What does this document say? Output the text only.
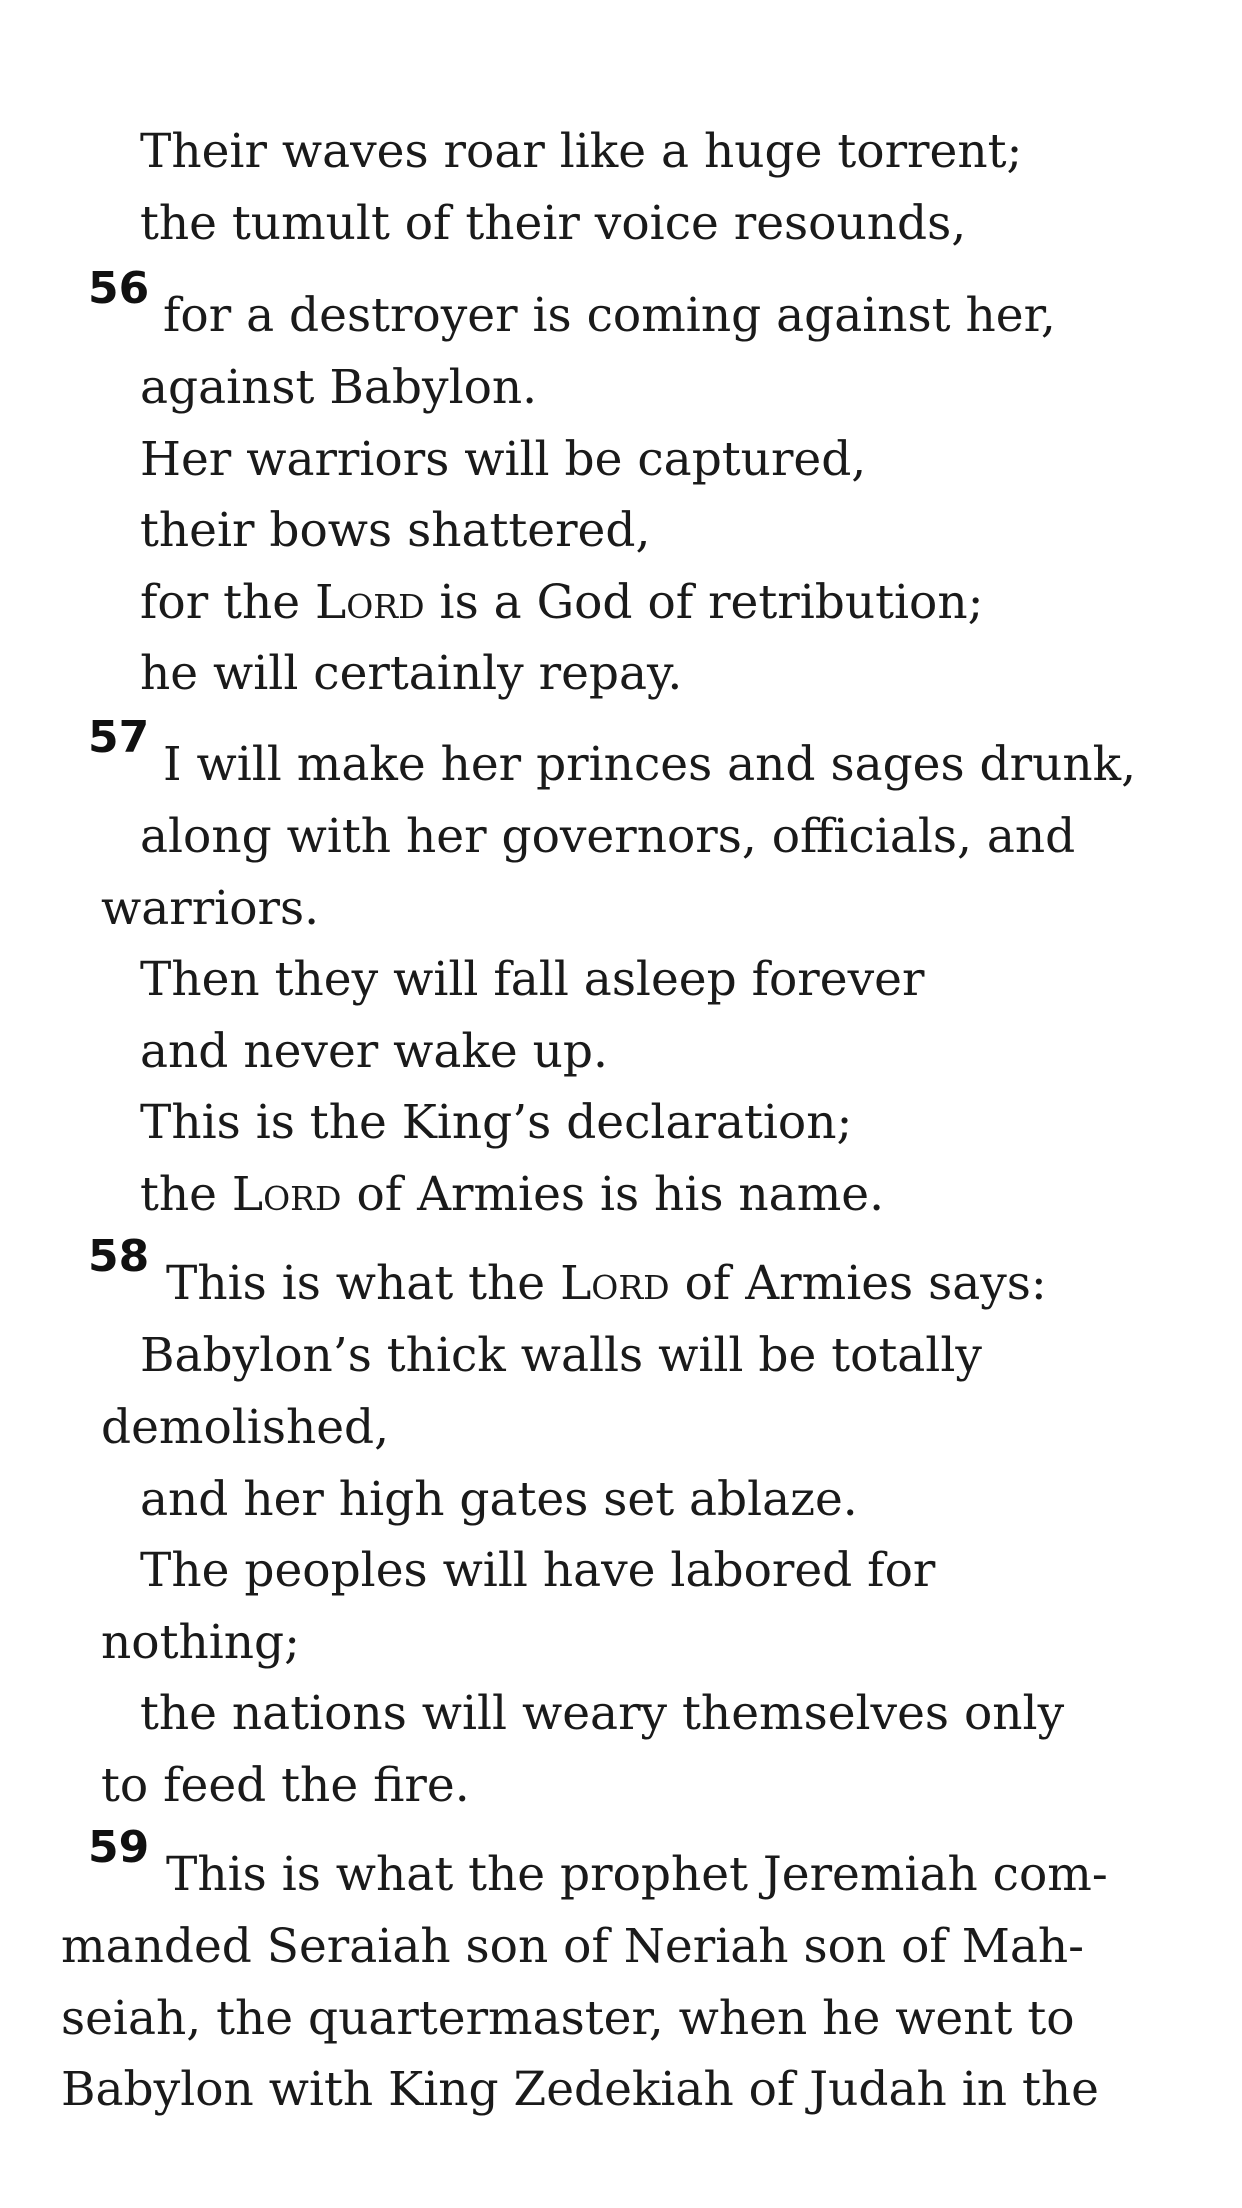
Their waves roar like a huge torrent;
the tumult of their voice resounds,
56 for a destroyer is coming against her,
against Babylon.
Her warriors will be captured,
their bows shattered,
for the Lord is a God of retribution;
he will certainly repay.
57 I will make her princes and sages drunk,
along with her governors, officials, and
warriors.
Then they will fall asleep forever
and never wake up.
This is the King’s declaration;
the Lord of Armies is his name.
58 This is what the Lord of Armies says:
Babylon’s thick walls will be totally
demolished,
and her high gates set ablaze.
The peoples will have labored for
nothing;
the nations will weary themselves only
to feed the fire.
59 This is what the prophet Jeremiah com-
manded Seraiah son of Neriah son of Mah-
seiah, the quartermaster, when he went to
Babylon with King Zedekiah of Judah in the
